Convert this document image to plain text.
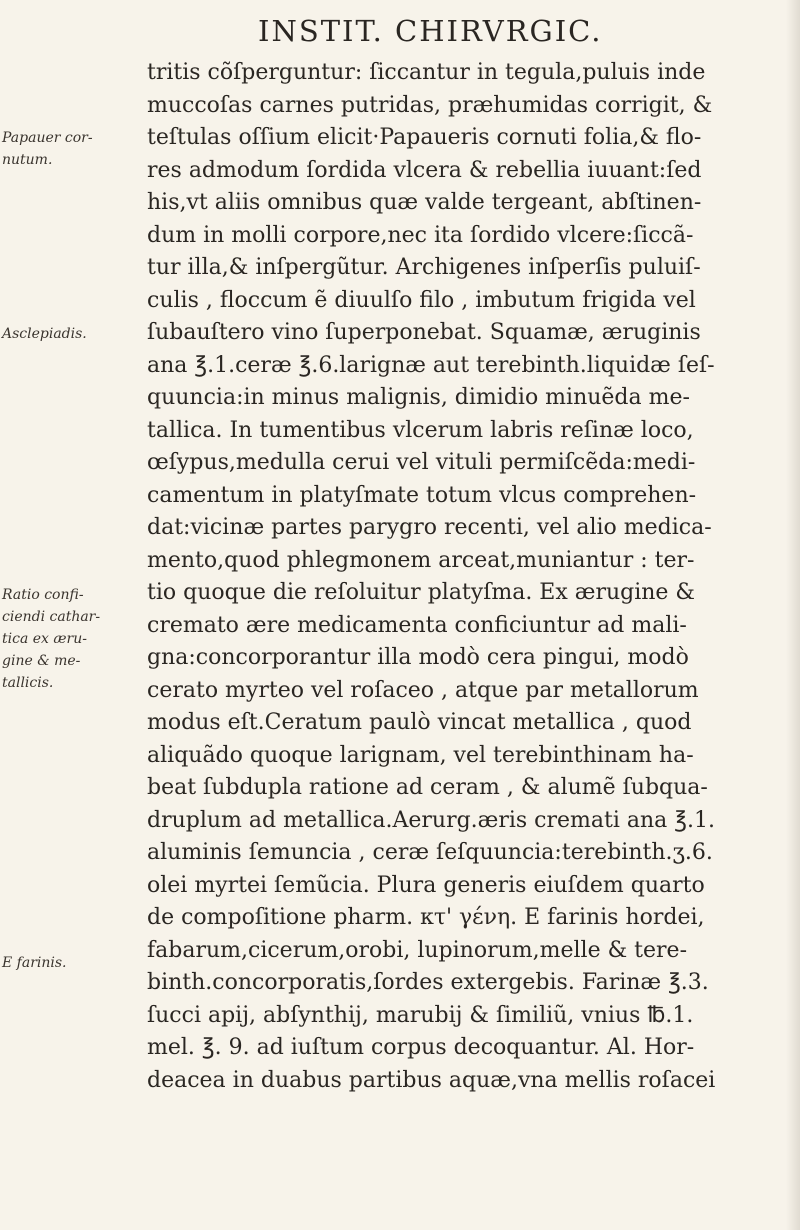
INSTIT. CHIRVRGIC.
Papauer cor-
nutum.
Asclepiadis.
Ratio confi-
ciendi cathar-
tica ex æru-
gine & me-
tallicis.
E farinis.
tritis cõſperguntur: ſiccantur in tegula,puluis inde
muccoſas carnes putridas, præhumidas corrigit, &
teſtulas oſſium elicit·Papaueris cornuti folia,& flo-
res admodum ſordida vlcera & rebellia iuuant:ſed
his,vt aliis omnibus quæ valde tergeant, abſtinen-
dum in molli corpore,nec ita ſordido vlcere:ſiccã-
tur illa,& inſpergũtur. Archigenes inſperſis puluiſ-
culis , floccum ẽ diuulſo filo , imbutum frigida vel
ſubauſtero vino ſuperponebat. Squamæ, æruginis
ana ℥.1.ceræ ℥.6.larignæ aut terebinth.liquidæ ſeſ-
quuncia:in minus malignis, dimidio minuẽda me-
tallica. In tumentibus vlcerum labris reſinæ loco,
œſypus,medulla cerui vel vituli permiſcẽda:medi-
camentum in platyſmate totum vlcus comprehen-
dat:vicinæ partes parygro recenti, vel alio medica-
mento,quod phlegmonem arceat,muniantur : ter-
tio quoque die reſoluitur platyſma. Ex ærugine &
cremato ære medicamenta conficiuntur ad mali-
gna:concorporantur illa modò cera pingui, modò
cerato myrteo vel roſaceo , atque par metallorum
modus eſt.Ceratum paulò vincat metallica , quod
aliquãdo quoque larignam, vel terebinthinam ha-
beat ſubdupla ratione ad ceram , & alumẽ ſubqua-
druplum ad metallica.Aerurg.æris cremati ana ℥.1.
aluminis ſemuncia , ceræ ſeſquuncia:terebinth.ʒ.6.
olei myrtei ſemũcia. Plura generis eiuſdem quarto
de compoſitione pharm. κτ' γένη. E farinis hordei,
fabarum,cicerum,orobi, lupinorum,melle & tere-
binth.concorporatis,ſordes extergebis. Farinæ ℥.3.
ſucci apij, abſynthij, marubij & ſimiliũ, vnius ℔.1.
mel. ℥. 9. ad iuſtum corpus decoquantur. Al. Hor-
deacea in duabus partibus aquæ,vna mellis roſacei
